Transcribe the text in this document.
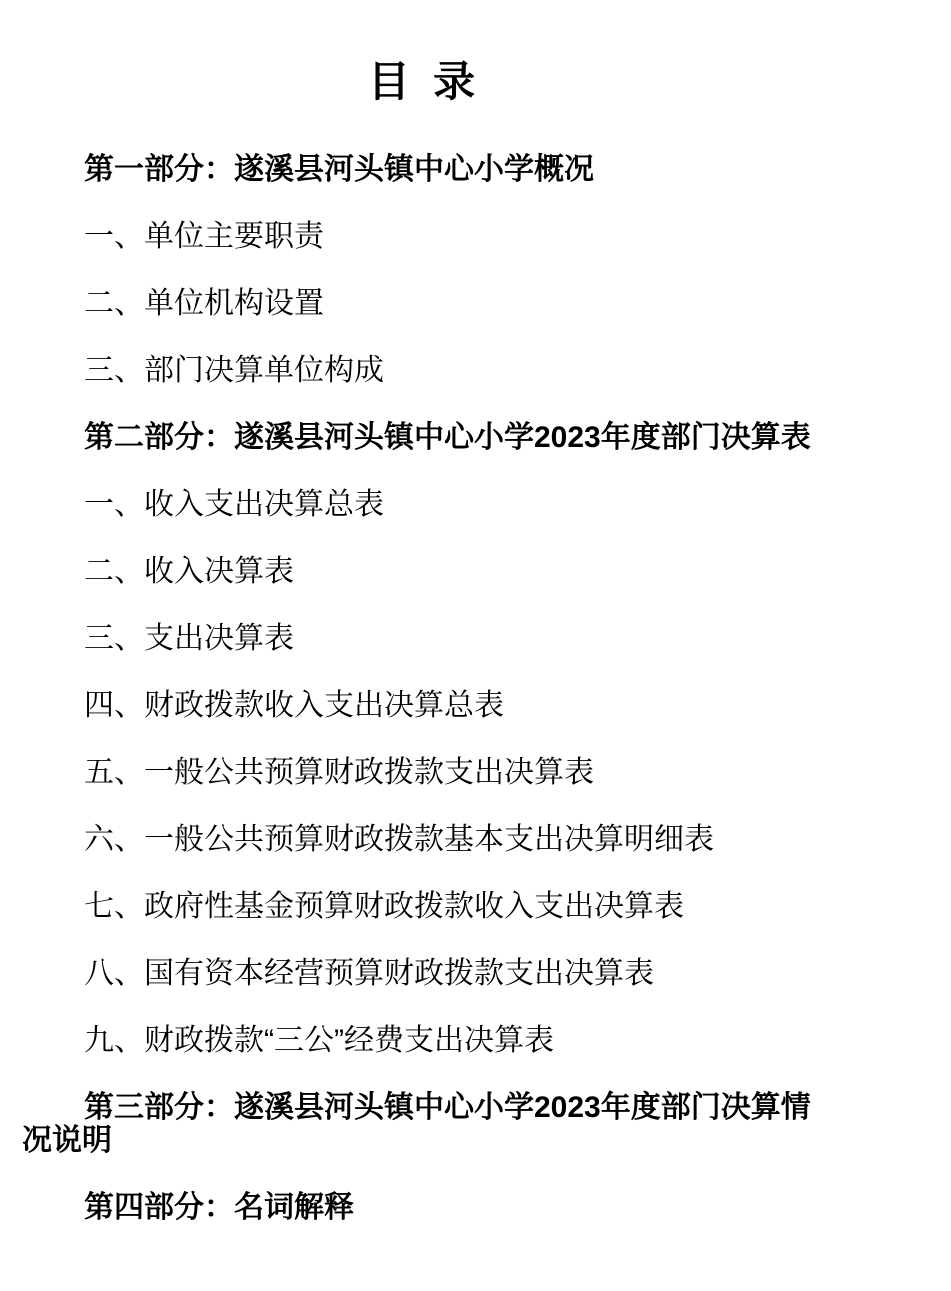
目  录

第一部分：遂溪县河头镇中心小学概况

一、单位主要职责

二、单位机构设置

三、部门决算单位构成

第二部分：遂溪县河头镇中心小学2023年度部门决算表

一、收入支出决算总表

二、收入决算表

三、支出决算表

四、财政拨款收入支出决算总表

五、一般公共预算财政拨款支出决算表

六、一般公共预算财政拨款基本支出决算明细表

七、政府性基金预算财政拨款收入支出决算表

八、国有资本经营预算财政拨款支出决算表

九、财政拨款“三公”经费支出决算表

第三部分：遂溪县河头镇中心小学2023年度部门决算情况说明

第四部分：名词解释
